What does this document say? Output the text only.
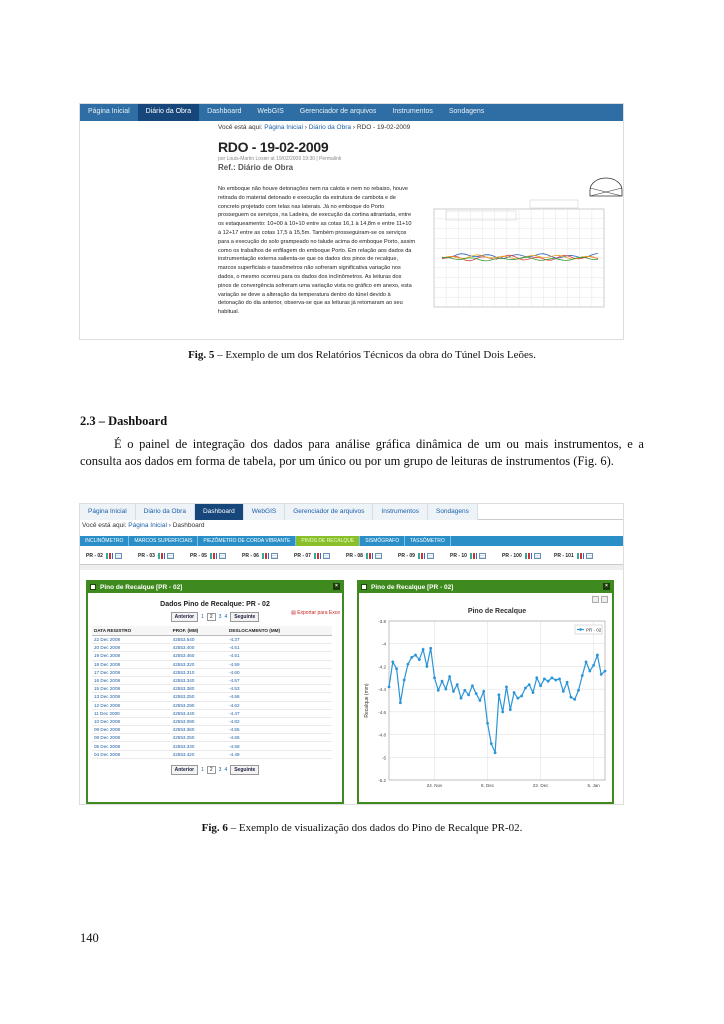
Página Inicial	Diário da Obra	Dashboard	WebGIS	Gerenciador de arquivos	Instrumentos	Sondagens
Você está aqui: Página Inicial › Diário da Obra › RDO - 19-02-2009
RDO - 19-02-2009
por Louis-Martin Losier at 19/02/2009 19:30 | Permalink
Ref.: Diário de Obra
No emboque não houve detonações nem na calota e nem no rebaixo, houve retirada do material detonado e execução da estrutura de cambota e de concreto projetado com telas nas laterais. Já no emboque do Porto prosseguem os serviços, na Ladeira, de execução da cortina atirantada, entre os estaqueamento: 10+00 à 10+10 entre as cotas 16,1 à 14,8m e entre 11+10 à 12+17 entre as cotas 17,5 à 15,5m. Também prosseguiram-se os serviços para a execução do solo grampeado no talude acima do emboque Porto, assim como os trabalhos de enfilagem do emboque Porto. Em relação aos dados da instrumentação externa salienta-se que os dados dos pinos de recalque, marcos superficiais e tassômetros não sofreram significativa variação nos dados, o mesmo ocorreu para os dados dos inclinômetros. As leituras dos pinos de convergência sofreram uma variação vista no gráfico em anexo, esta variação se deve a alteração da temperatura dentro do túnel devido à detonação do dia anterior, observa-se que as leituras já retomaram ao seu habitual.
Fig. 5 – Exemplo de um dos Relatórios Técnicos da obra do Túnel Dois Leões.
2.3 – Dashboard
É o painel de integração dos dados para análise gráfica dinâmica de um ou mais instrumentos, e a consulta aos dados em forma de tabela, por um único ou por um grupo de leituras de instrumentos (Fig. 6).
Página Inicial	Diário da Obra	Dashboard	WebGIS	Gerenciador de arquivos	Instrumentos	Sondagens
Você está aqui: Página Inicial › Dashboard
INCLINÔMETRO	MARCOS SUPERFICIAIS	PIEZÔMETRO DE CORDA VIBRANTE	PINOS DE RECALQUE	SISMÓGRAFO	TASSÔMETRO
PR - 02	PR - 03	PR - 05	PR - 06	PR - 07	PR - 08	PR - 09	PR - 10	PR - 100	PR - 101
Pino de Recalque [PR - 02]	×
Dados Pino de Recalque: PR - 02
▤ Exportar para Exce
Anterior	1	2	3 4	Seguinte
DATA REGISTRO	PROF. (MM)	DESLOCAMENTO (MM)
22 Dec 2008	42553.540	-4.37
20 Dec 2008	42553.400	-4.51
19 Dec 2008	42553.460	-4.51
18 Dec 2008	42553.320	-4.59
17 Dec 2008	42553.310	-4.60
16 Dec 2008	42553.340	-4.57
15 Dec 2008	42553.380	-4.53
13 Dec 2008	42553.250	-4.66
12 Dec 2008	42553.290	-4.62
11 Dec 2008	42553.440	-4.47
10 Dec 2008	42553.090	-4.82
09 Dec 2008	42553.360	-4.55
08 Dec 2008	42553.250	-4.66
05 Dec 2008	42553.330	-4.58
04 Dec 2008	42553.420	-4.49
Anterior	1	2	3 4	Seguinte
Pino de Recalque [PR - 02]	×
Pino de Recalque
-3.8
-4
-4.2
-4.4
-4.6
-4.8
-5
-5.2
24. Nov	8. Dec	22. Dec	5. Jan
Recalque (mm)
PR - 02
Fig. 6 – Exemplo de visualização dos dados do Pino de Recalque PR-02.
140
